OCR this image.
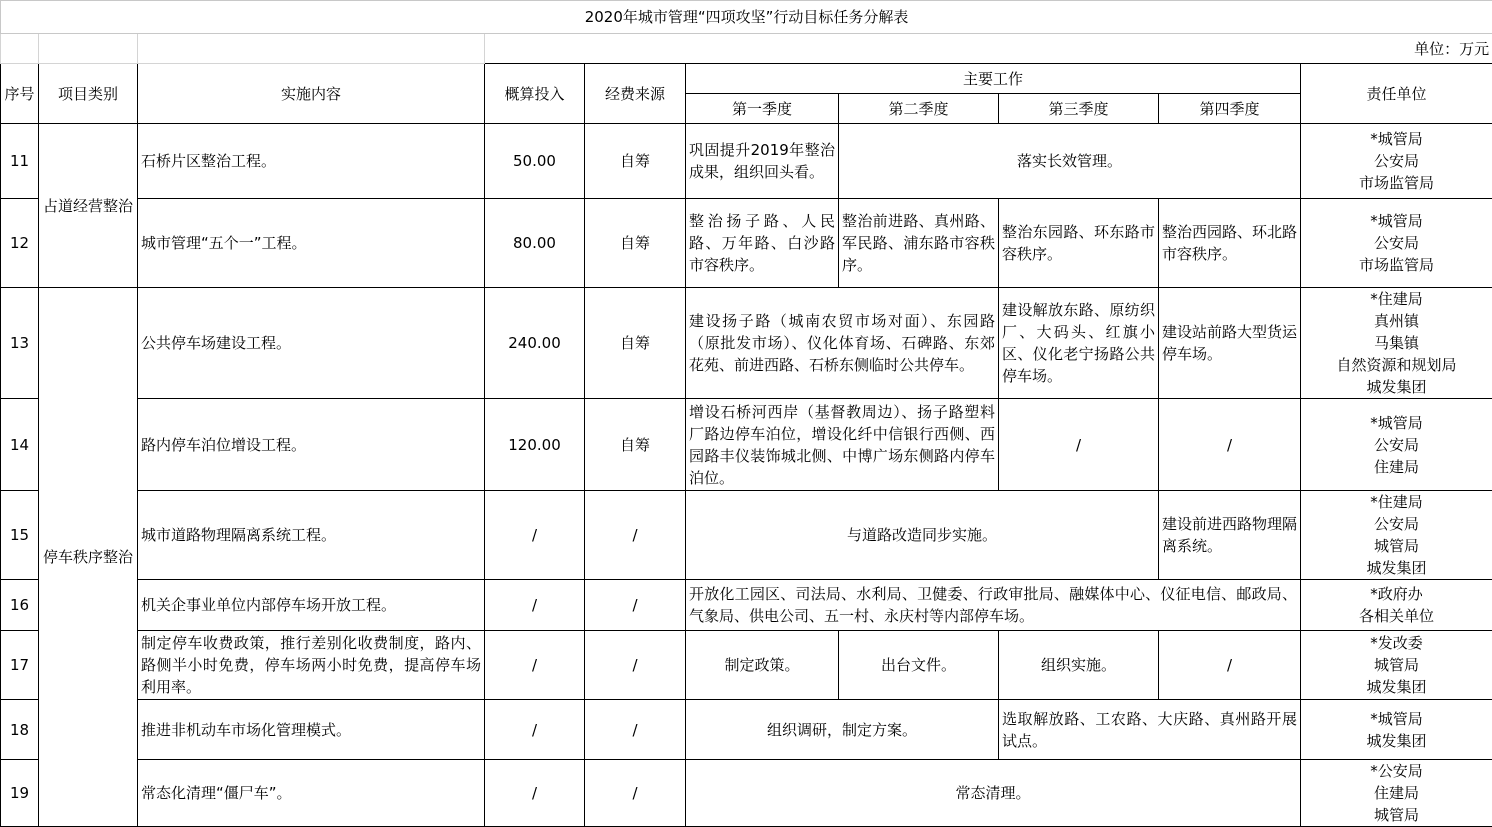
2020年城市管理“四项攻坚”行动目标任务分解表									
			单位：万元						
序号	项目类别	实施内容	概算投入	经费来源	主要工作				责任单位
					第一季度	第二季度	第三季度	第四季度	
11	占道经营整治	石桥片区整治工程。	50.00	自筹	巩固提升2019年整治成果，组织回头看。	落实长效管理。			*城管局
公安局
市场监管局

12		城市管理“五个一”工程。	80.00	自筹	整治扬子路、人民路、万年路、白沙路市容秩序。	整治前进路、真州路、军民路、浦东路市容秩序。	整治东园路、环东路市容秩序。	整治西园路、环北路市容秩序。	*城管局
公安局
市场监管局

13	停车秩序整治	公共停车场建设工程。	240.00	自筹	建设扬子路（城南农贸市场对面）、东园路（原批发市场）、仪化体育场、石碑路、东郊花苑、前进西路、石桥东侧临时公共停车。		建设解放东路、原纺织厂、大码头、红旗小区、仪化老宁扬路公共停车场。	建设站前路大型货运停车场。	*住建局
真州镇
马集镇
自然资源和规划局
城发集团

14		路内停车泊位增设工程。	120.00	自筹	增设石桥河西岸（基督教周边）、扬子路塑料厂路边停车泊位，增设化纤中信银行西侧、西园路丰仪装饰城北侧、中博广场东侧路内停车泊位。		/	/	*城管局
公安局
住建局

15		城市道路物理隔离系统工程。	/	/	与道路改造同步实施。			建设前进西路物理隔离系统。	*住建局
公安局
城管局
城发集团

16		机关企事业单位内部停车场开放工程。	/	/	开放化工园区、司法局、水利局、卫健委、行政审批局、融媒体中心、仪征电信、邮政局、气象局、供电公司、五一村、永庆村等内部停车场。				*政府办
各相关单位

17		制定停车收费政策，推行差别化收费制度，路内、路侧半小时免费，停车场两小时免费，提高停车场利用率。	/	/	制定政策。	出台文件。	组织实施。	/	*发改委
城管局
城发集团

18		推进非机动车市场化管理模式。	/	/	组织调研，制定方案。		选取解放路、工农路、大庆路、真州路开展试点。		*城管局
城发集团

19		常态化清理“僵尸车”。	/	/	常态清理。				*公安局
住建局
城管局
